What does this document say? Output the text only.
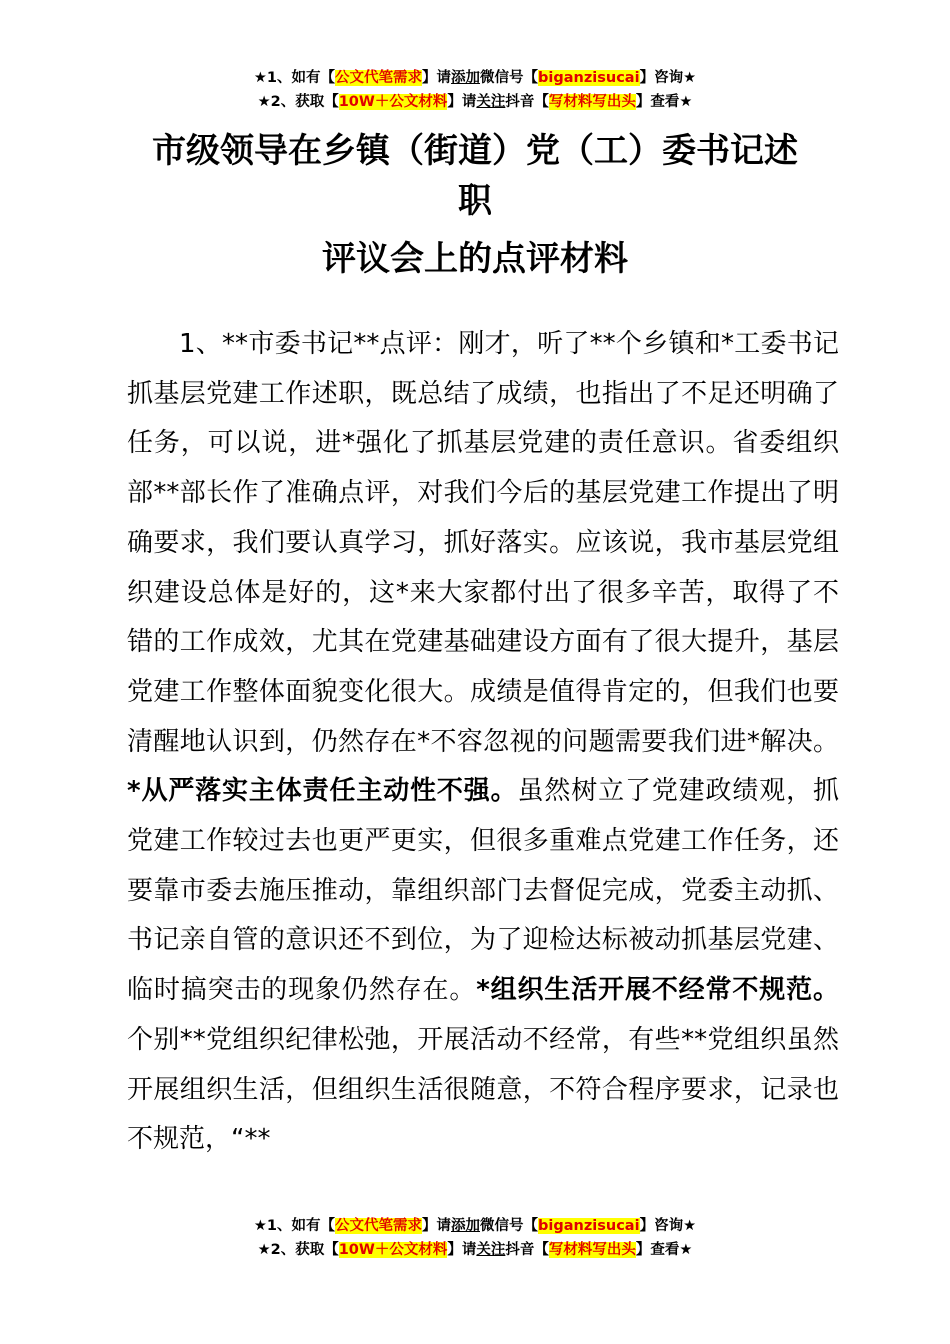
★1、如有【公文代笔需求】请添加微信号【biganzisucai】咨询★
★2、获取【10W＋公文材料】请关注抖音【写材料写出头】查看★
市级领导在乡镇（街道）党（工）委书记述
职
评议会上的点评材料

1、**市委书记**点评：刚才，听了**个乡镇和*工委书记抓基层党建工作述职，既总结了成绩，也指出了不足还明确了任务，可以说，进*强化了抓基层党建的责任意识。省委组织部**部长作了准确点评，对我们今后的基层党建工作提出了明确要求，我们要认真学习，抓好落实。应该说，我市基层党组织建设总体是好的，这*来大家都付出了很多辛苦，取得了不错的工作成效，尤其在党建基础建设方面有了很大提升，基层党建工作整体面貌变化很大。成绩是值得肯定的，但我们也要清醒地认识到，仍然存在*不容忽视的问题需要我们进*解决。*从严落实主体责任主动性不强。虽然树立了党建政绩观，抓党建工作较过去也更严更实，但很多重难点党建工作任务，还要靠市委去施压推动，靠组织部门去督促完成，党委主动抓、书记亲自管的意识还不到位，为了迎检达标被动抓基层党建、临时搞突击的现象仍然存在。*组织生活开展不经常不规范。个别**党组织纪律松弛，开展活动不经常，有些**党组织虽然开展组织生活，但组织生活很随意，不符合程序要求，记录也不规范，“**

★1、如有【公文代笔需求】请添加微信号【biganzisucai】咨询★
★2、获取【10W＋公文材料】请关注抖音【写材料写出头】查看★
